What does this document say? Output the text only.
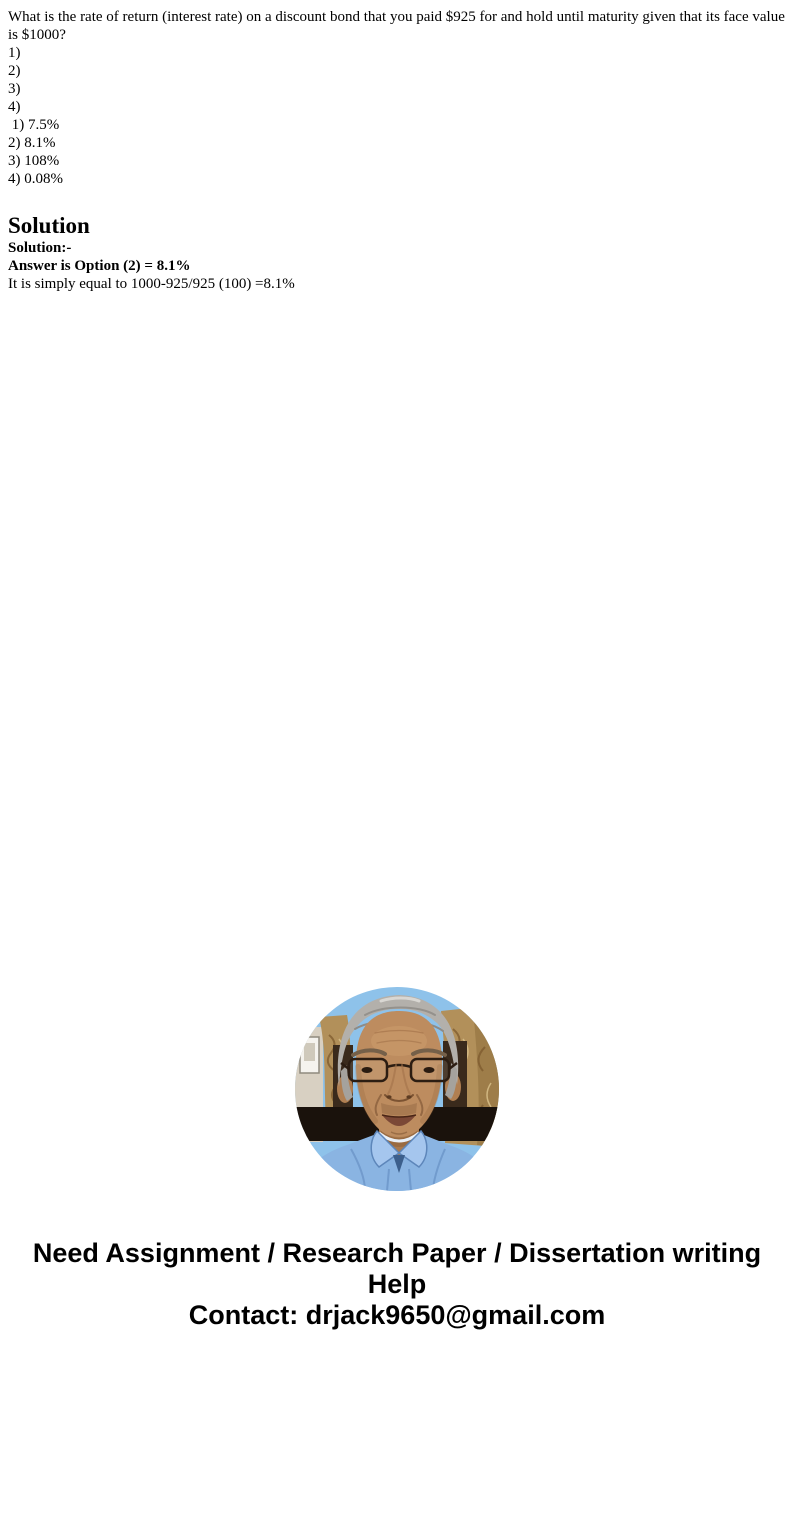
What is the rate of return (interest rate) on a discount bond that you paid $925 for and hold until maturity given that its face value is $1000?

1)

2)

3)

4)

1) 7.5%

2) 8.1%

3) 108%

4) 0.08%

Solution

Solution:-

Answer is Option (2) = 8.1%

It is simply equal to 1000-925/925 (100) =8.1%

Need Assignment / Research Paper / Dissertation writing Help
Contact: drjack9650@gmail.com
